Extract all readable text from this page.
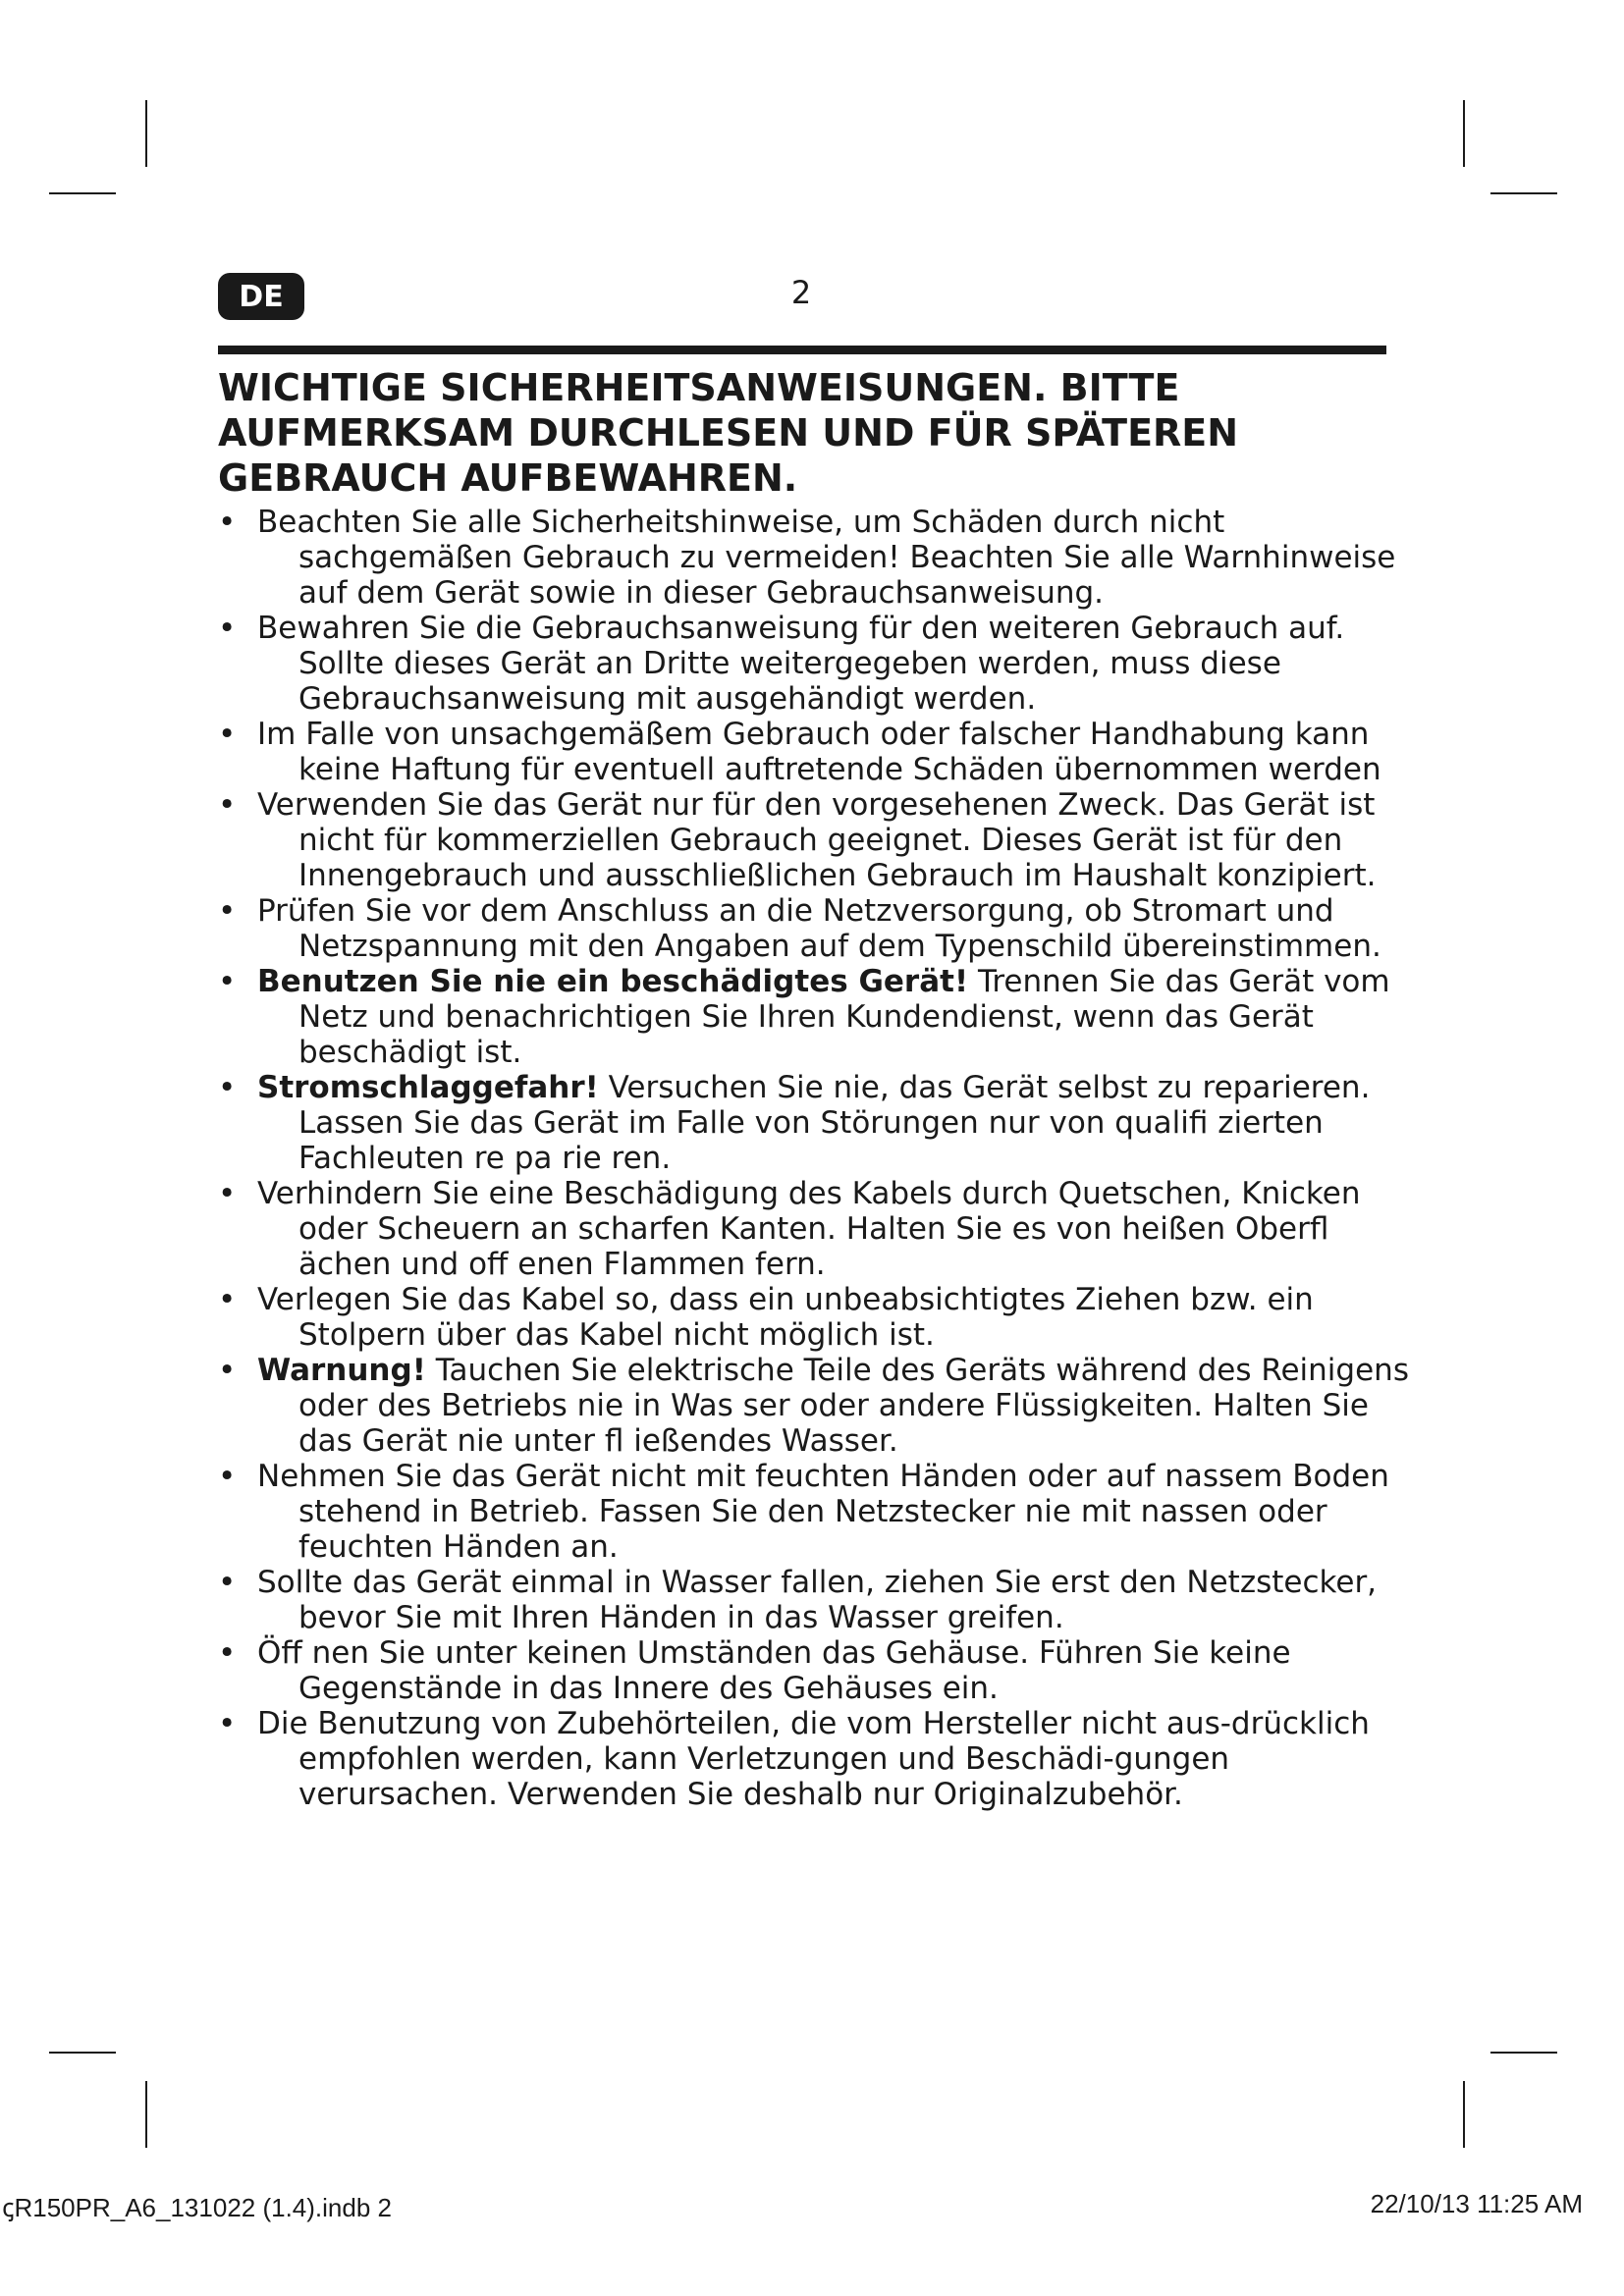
DE	2
WICHTIGE SICHERHEITSANWEISUNGEN. BITTE AUFMERKSAM DURCHLESEN UND FÜR SPÄTEREN GEBRAUCH AUFBEWAHREN.
• Beachten Sie alle Sicherheitshinweise, um Schäden durch nicht sachgemäßen Gebrauch zu vermeiden! Beachten Sie alle Warnhinweise auf dem Gerät sowie in dieser Gebrauchsanweisung.
• Bewahren Sie die Gebrauchsanweisung für den weiteren Gebrauch auf. Sollte dieses Gerät an Dritte weitergegeben werden, muss diese Gebrauchsanweisung mit ausgehändigt werden.
• Im Falle von unsachgemäßem Gebrauch oder falscher Handhabung kann keine Haftung für eventuell auftretende Schäden übernommen werden
• Verwenden Sie das Gerät nur für den vorgesehenen Zweck. Das Gerät ist nicht für kommerziellen Gebrauch geeignet. Dieses Gerät ist für den Innengebrauch und ausschließlichen Gebrauch im Haushalt konzipiert.
• Prüfen Sie vor dem Anschluss an die Netzversorgung, ob Stromart und Netzspannung mit den Angaben auf dem Typenschild übereinstimmen.
• Benutzen Sie nie ein beschädigtes Gerät! Trennen Sie das Gerät vom Netz und benachrichtigen Sie Ihren Kundendienst, wenn das Gerät beschädigt ist.
• Stromschlaggefahr! Versuchen Sie nie, das Gerät selbst zu reparieren. Lassen Sie das Gerät im Falle von Störungen nur von qualifi zierten Fachleuten re pa rie ren.
• Verhindern Sie eine Beschädigung des Kabels durch Quetschen, Knicken oder Scheuern an scharfen Kanten. Halten Sie es von heißen Oberfl ächen und off enen Flammen fern.
• Verlegen Sie das Kabel so, dass ein unbeabsichtigtes Ziehen bzw. ein Stolpern über das Kabel nicht möglich ist.
• Warnung! Tauchen Sie elektrische Teile des Geräts während des Reinigens oder des Betriebs nie in Was ser oder andere Flüssigkeiten. Halten Sie das Gerät nie unter fl ießendes Wasser.
• Nehmen Sie das Gerät nicht mit feuchten Händen oder auf nassem Boden stehend in Betrieb. Fassen Sie den Netzstecker nie mit nassen oder feuchten Händen an.
• Sollte das Gerät einmal in Wasser fallen, ziehen Sie erst den Netzstecker, bevor Sie mit Ihren Händen in das Wasser greifen.
• Öff nen Sie unter keinen Umständen das Gehäuse. Führen Sie keine Gegenstände in das Innere des Gehäuses ein.
• Die Benutzung von Zubehörteilen, die vom Hersteller nicht aus-drücklich empfohlen werden, kann Verletzungen und Beschädi-gungen verursachen. Verwenden Sie deshalb nur Originalzubehör.
ꞔR150PR_A6_131022 (1.4).indb 2	22/10/13 11:25 AM
